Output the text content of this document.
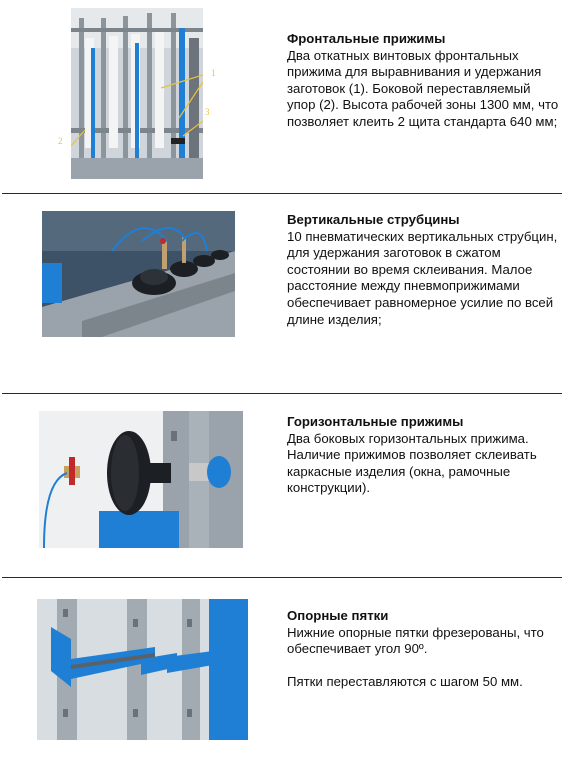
1
2
3

Фронтальные прижимы

Два откатных винтовых фронтальных прижима для выравнивания и удержания заготовок (1). Боковой переставляемый упор (2). Высота рабочей зоны 1300 мм, что позволяет клеить 2 щита стандарта 640 мм;

Вертикальные струбцины

10 пневматических вертикальных струбцин, для удержания заготовок в сжатом состоянии во время склеивания. Малое расстояние между пневмоприжимами обеспечивает равномерное усилие по всей длине изделия;

Горизонтальные прижимы

Два боковых горизонтальных прижима. Наличие прижимов позволяет склеивать каркасные изделия (окна, рамочные конструкции).

Опорные пятки

Нижние опорные пятки фрезерованы, что обеспечивает угол 90º.

Пятки переставляются с шагом 50 мм.
